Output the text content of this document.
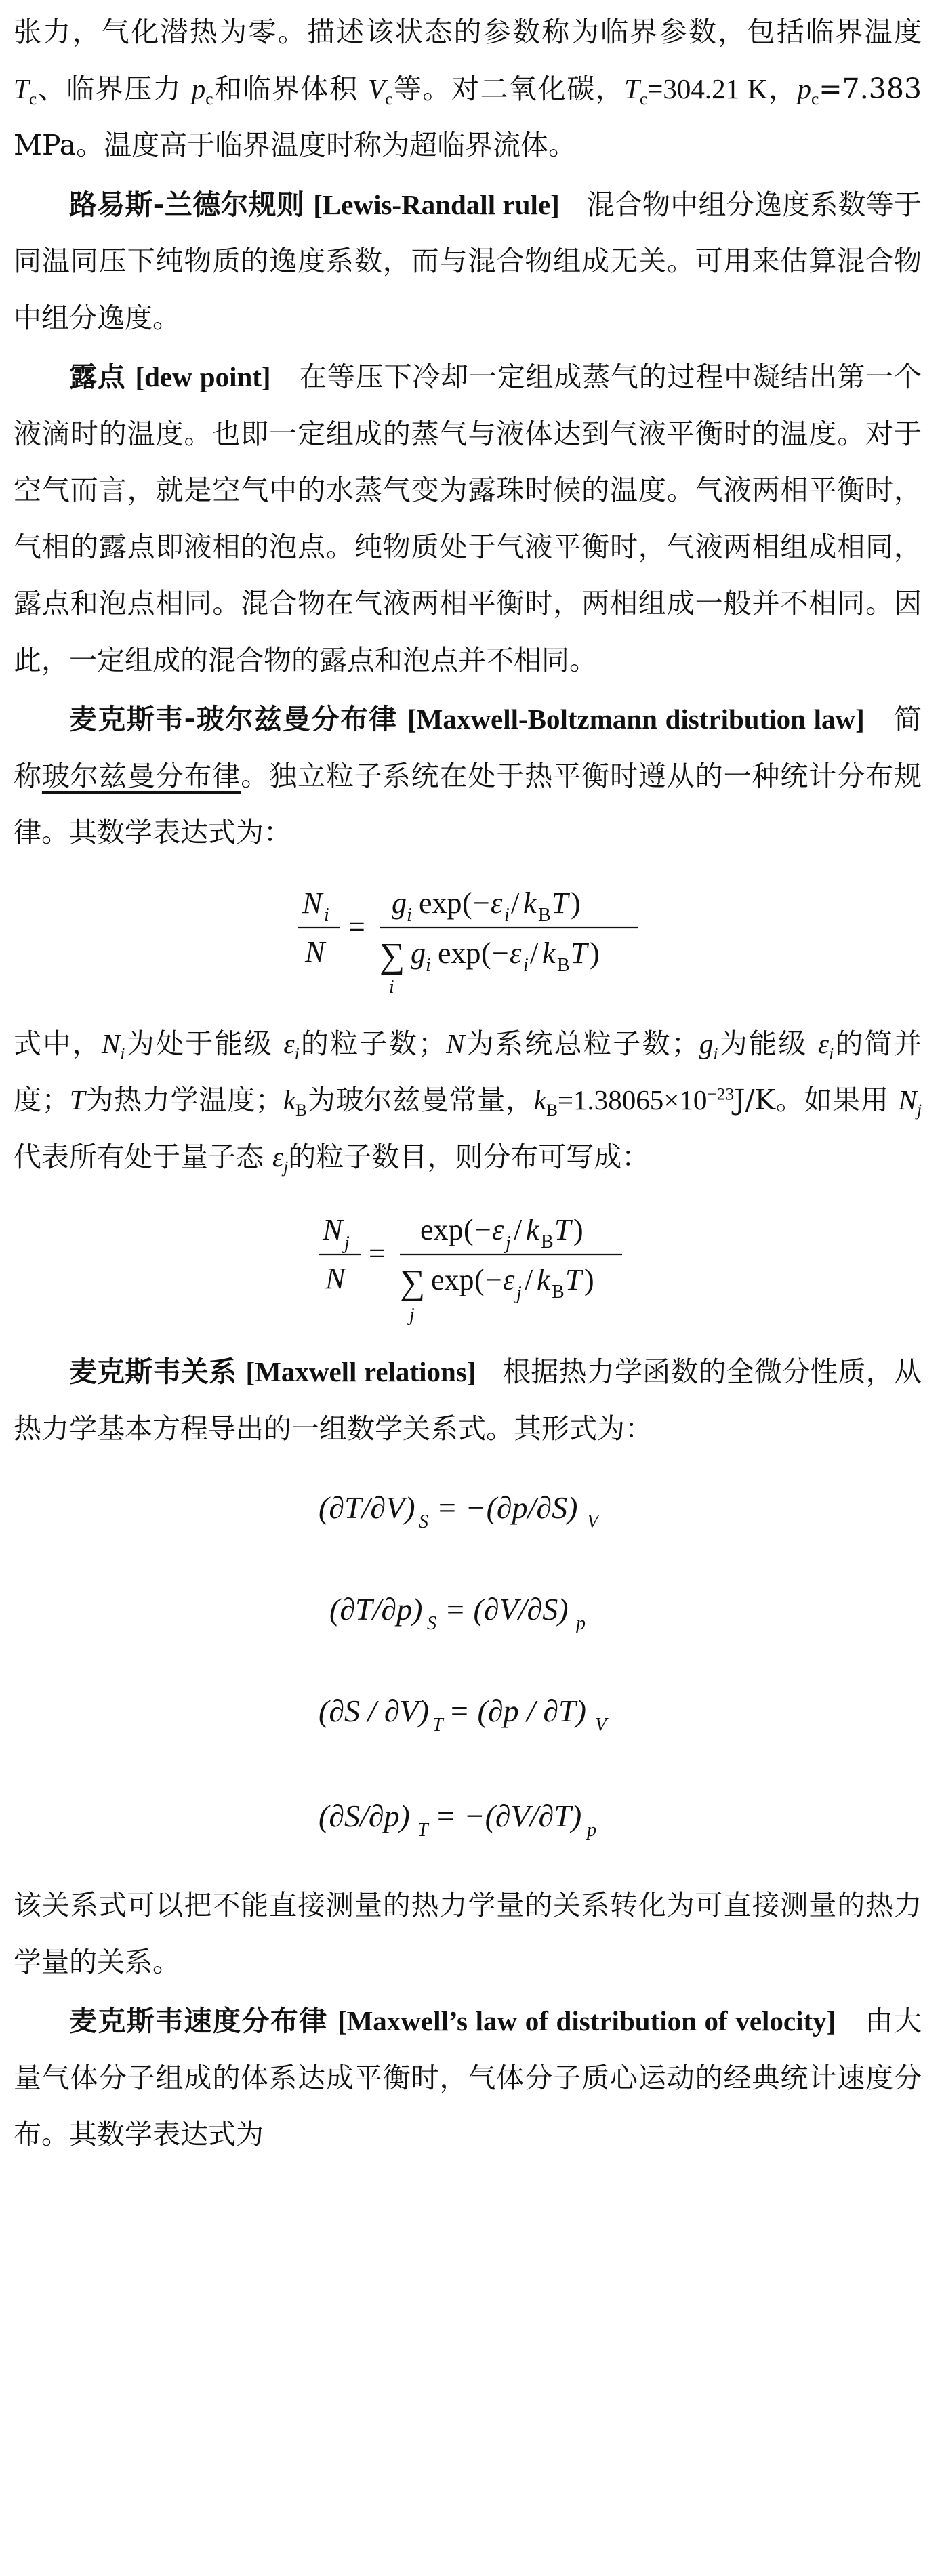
张力，气化潜热为零。描述该状态的参数称为临界参数，包括临界温度 $T_c$、临界压力 $p_c$和临界体积 $V_c$等。对二氧化碳，$T_c=304.21$ K，$p_c=7.383$ MPa。温度高于临界温度时称为超临界流体。

路易斯-兰德尔规则 [Lewis-Randall rule] 混合物中组分逸度系数等于同温同压下纯物质的逸度系数，而与混合物组成无关。可用来估算混合物中组分逸度。

露点 [dew point] 在等压下冷却一定组成蒸气的过程中凝结出第一个液滴时的温度。也即一定组成的蒸气与液体达到气液平衡时的温度。对于空气而言，就是空气中的水蒸气变为露珠时候的温度。气液两相平衡时，气相的露点即液相的泡点。纯物质处于气液平衡时，气液两相组成相同，露点和泡点相同。混合物在气液两相平衡时，两相组成一般并不相同。因此，一定组成的混合物的露点和泡点并不相同。

麦克斯韦-玻尔兹曼分布律 [Maxwell-Boltzmann distribution law] 简称玻尔兹曼分布律。独立粒子系统在处于热平衡时遵从的一种统计分布规律。其数学表达式为：

N i
N
=
g i exp ( − ε i / k B T )
∑
i
g i exp ( − ε i / k B T )

式中，$N_i$为处于能级 $\varepsilon_i$的粒子数；N为系统总粒子数；$g_i$为能级 $\varepsilon_i$的简并度；T为热力学温度；$k_B$为玻尔兹曼常量，$k_B=1.38065\times 10^{-23}J/K$。如果用 $N_j$代表所有处于量子态 $\varepsilon_j$的粒子数目，则分布可写成：

N j
N
=
exp ( − ε j / k B T )
∑
j
exp ( − ε j / k B T )

麦克斯韦关系 [Maxwell relations] 根据热力学函数的全微分性质，从热力学基本方程导出的一组数学关系式。其形式为：

(∂T/∂V) S = −(∂p/∂S) V
(∂T/∂p) S = (∂V/∂S) p
(∂S / ∂V) T = (∂p / ∂T) V
(∂S/∂p) T = −(∂V/∂T) p

该关系式可以把不能直接测量的热力学量的关系转化为可直接测量的热力学量的关系。

麦克斯韦速度分布律 [Maxwell’s law of distribution of velocity] 由大量气体分子组成的体系达成平衡时，气体分子质心运动的经典统计速度分布。其数学表达式为
